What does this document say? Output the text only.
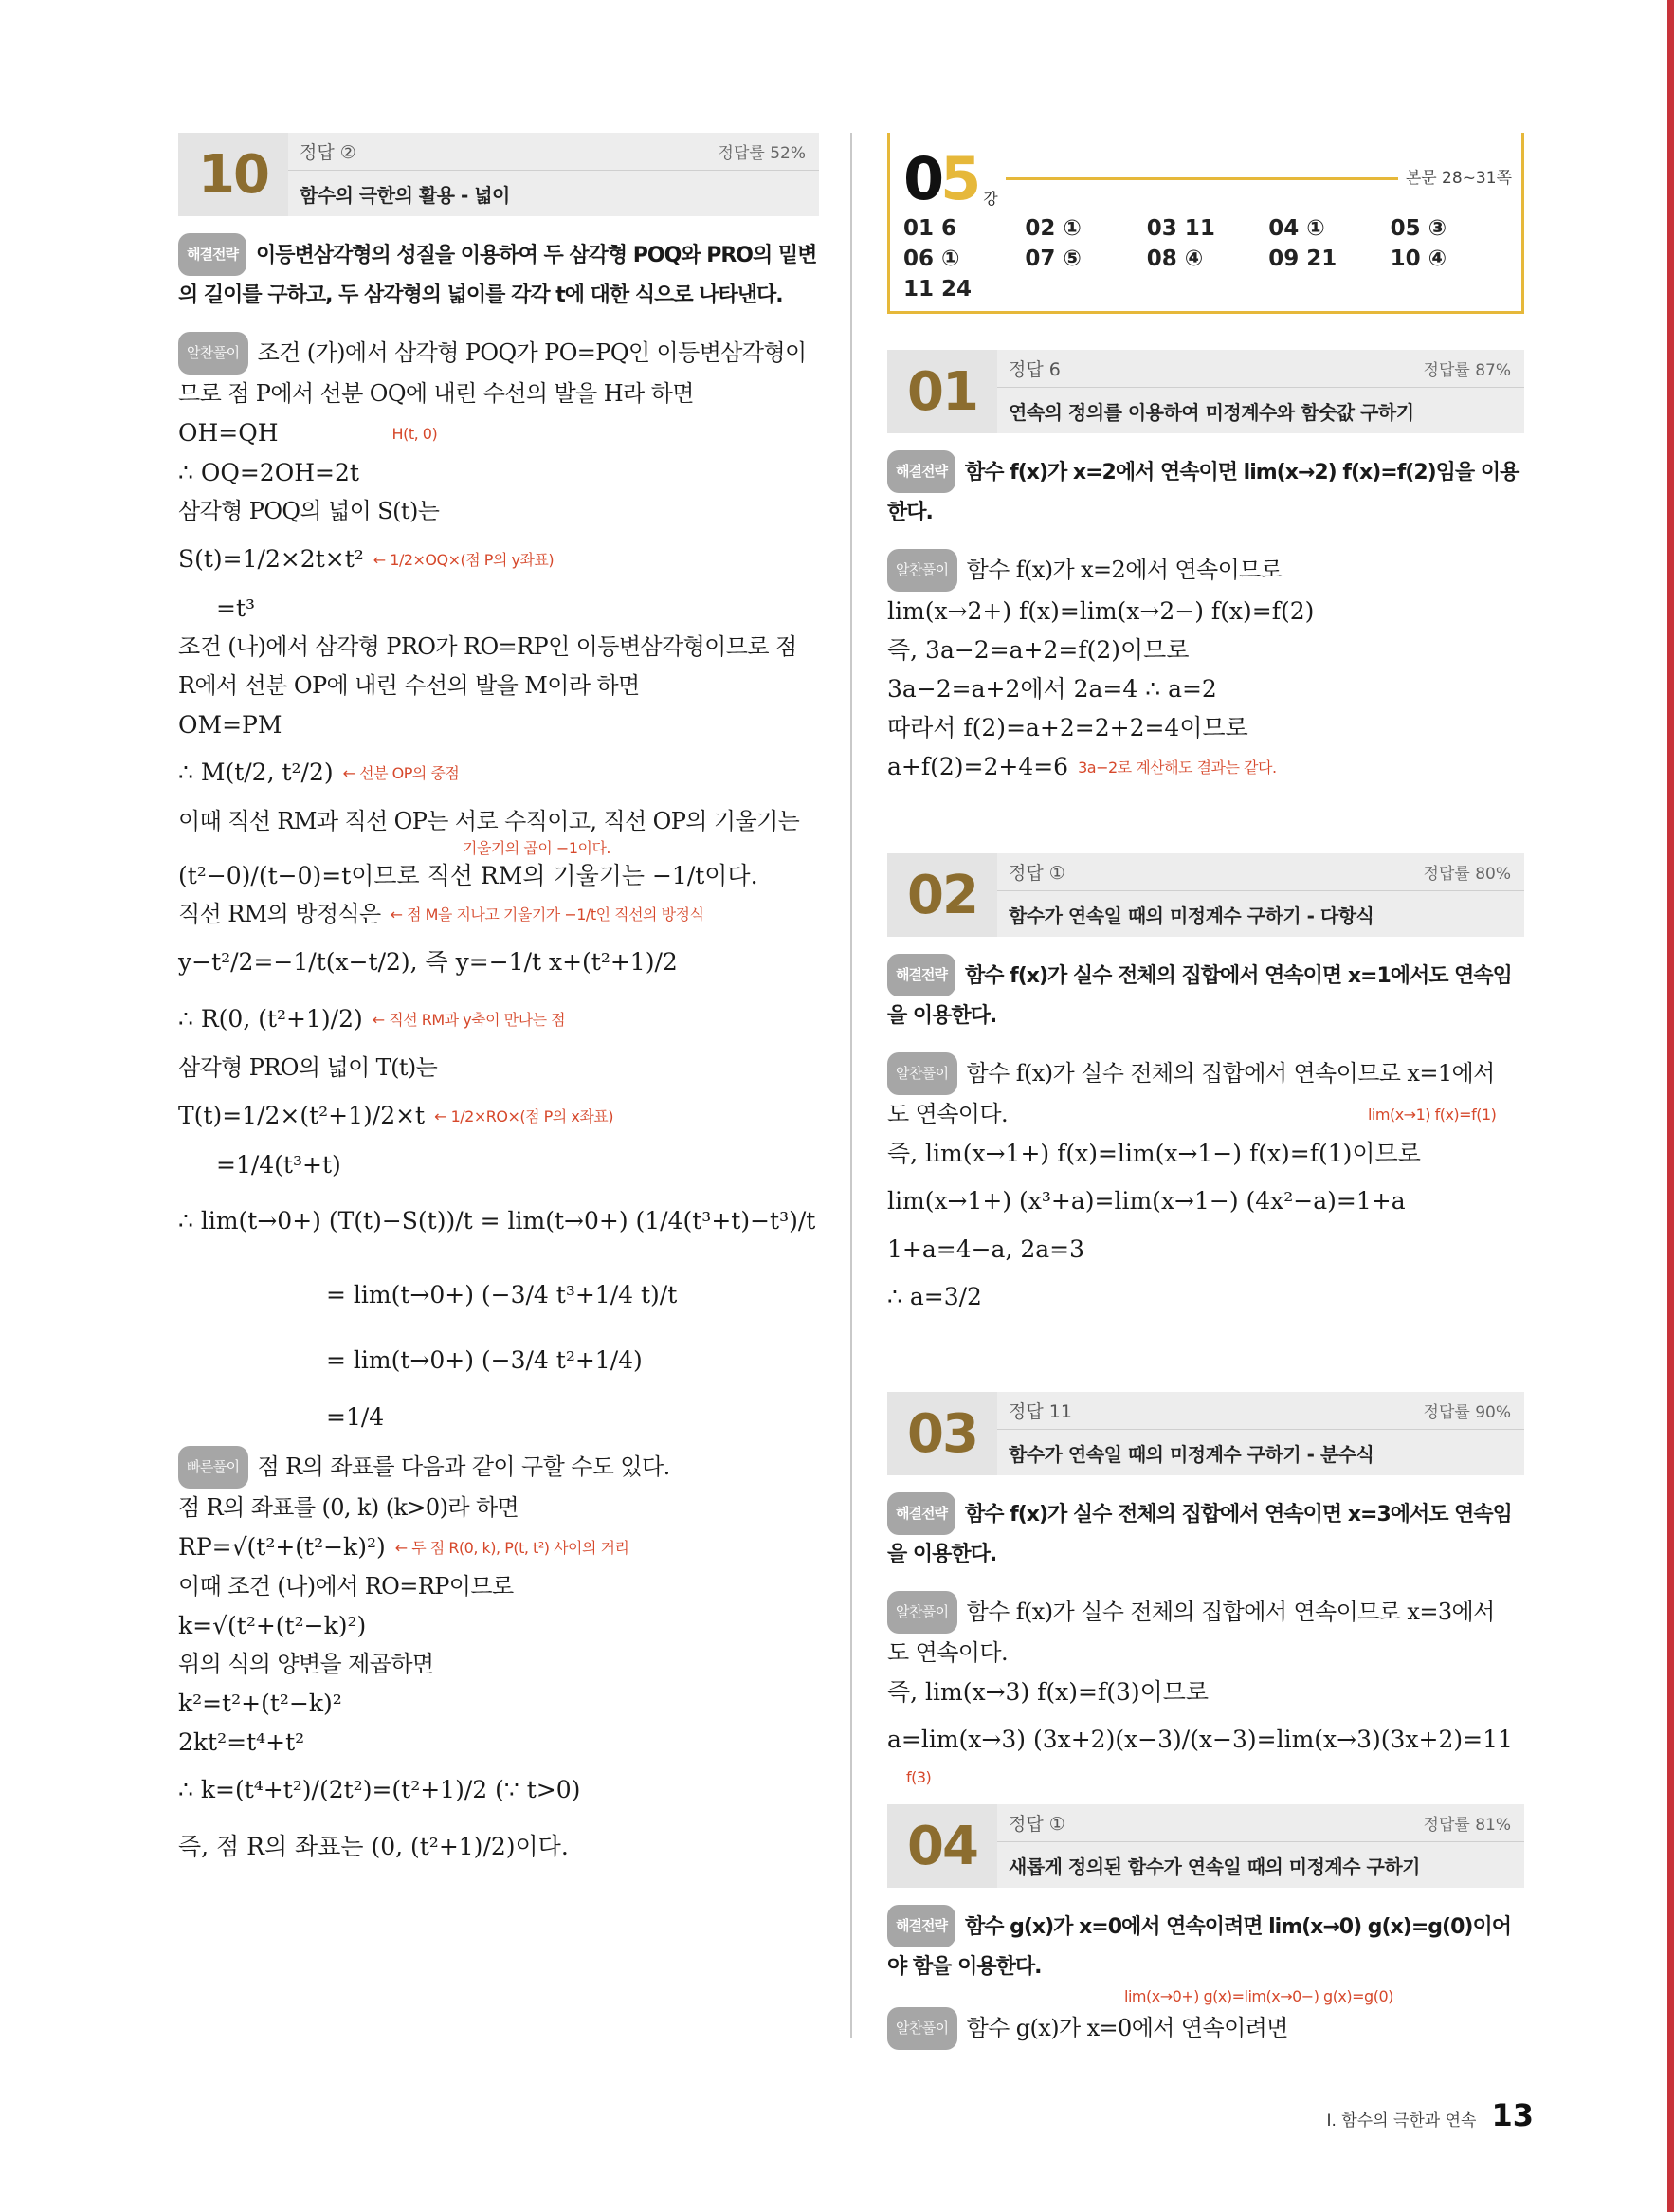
10	정답 ②	정답률 52%
함수의 극한의 활용 - 넓이
해결전략 이등변삼각형의 성질을 이용하여 두 삼각형 POQ와 PRO의 밑변의 길이를 구하고, 두 삼각형의 넓이를 각각 t에 대한 식으로 나타낸다.
알찬풀이 조건 (가)에서 삼각형 POQ가 PO=PQ인 이등변삼각형이
므로 점 P에서 선분 OQ에 내린 수선의 발을 H라 하면
OH=QH	H(t, 0)
∴ OQ=2OH=2t
삼각형 POQ의 넓이 S(t)는
S(t)=1/2×2t×t² ← 1/2×OQ×(점 P의 y좌표)
=t³
조건 (나)에서 삼각형 PRO가 RO=RP인 이등변삼각형이므로 점
R에서 선분 OP에 내린 수선의 발을 M이라 하면
OM=PM
∴ M(t/2, t²/2) ← 선분 OP의 중점
이때 직선 RM과 직선 OP는 서로 수직이고, 직선 OP의 기울기는
기울기의 곱이 −1이다.
(t²−0)/(t−0)=t이므로 직선 RM의 기울기는 −1/t이다.
직선 RM의 방정식은 ← 점 M을 지나고 기울기가 −1/t인 직선의 방정식
y−t²/2=−1/t(x−t/2), 즉 y=−1/t x+(t²+1)/2
∴ R(0, (t²+1)/2) ← 직선 RM과 y축이 만나는 점
삼각형 PRO의 넓이 T(t)는
T(t)=1/2×(t²+1)/2×t ← 1/2×RO×(점 P의 x좌표)
=1/4(t³+t)
∴ lim(t→0+) (T(t)−S(t))/t = lim(t→0+) (1/4(t³+t)−t³)/t
= lim(t→0+) (−3/4 t³+1/4 t)/t
= lim(t→0+) (−3/4 t²+1/4)
=1/4
빠른풀이 점 R의 좌표를 다음과 같이 구할 수도 있다.
점 R의 좌표를 (0, k) (k>0)라 하면
RP=√(t²+(t²−k)²) ← 두 점 R(0, k), P(t, t²) 사이의 거리
이때 조건 (나)에서 RO=RP이므로
k=√(t²+(t²−k)²)
위의 식의 양변을 제곱하면
k²=t²+(t²−k)²
2kt²=t⁴+t²
∴ k=(t⁴+t²)/(2t²)=(t²+1)/2 (∵ t>0)
즉, 점 R의 좌표는 (0, (t²+1)/2)이다.
0
5 강
본문 28~31쪽
01 6	02 ①	03 11	04 ①	05 ③
06 ①	07 ⑤	08 ④	09 21	10 ④
11 24
01	정답 6	정답률 87%
연속의 정의를 이용하여 미정계수와 함숫값 구하기
해결전략 함수 f(x)가 x=2에서 연속이면 lim(x→2) f(x)=f(2)임을 이용한다.
알찬풀이 함수 f(x)가 x=2에서 연속이므로
lim(x→2+) f(x)=lim(x→2−) f(x)=f(2)
즉, 3a−2=a+2=f(2)이므로
3a−2=a+2에서 2a=4 ∴ a=2
따라서 f(2)=a+2=2+2=4이므로
a+f(2)=2+4=6 3a−2로 계산해도 결과는 같다.
02	정답 ①	정답률 80%
함수가 연속일 때의 미정계수 구하기 - 다항식
해결전략 함수 f(x)가 실수 전체의 집합에서 연속이면 x=1에서도 연속임을 이용한다.
알찬풀이 함수 f(x)가 실수 전체의 집합에서 연속이므로 x=1에서
도 연속이다.	lim(x→1) f(x)=f(1)
즉, lim(x→1+) f(x)=lim(x→1−) f(x)=f(1)이므로
lim(x→1+) (x³+a)=lim(x→1−) (4x²−a)=1+a
1+a=4−a, 2a=3
∴ a=3/2
03	정답 11	정답률 90%
함수가 연속일 때의 미정계수 구하기 - 분수식
해결전략 함수 f(x)가 실수 전체의 집합에서 연속이면 x=3에서도 연속임을 이용한다.
알찬풀이 함수 f(x)가 실수 전체의 집합에서 연속이므로 x=3에서
도 연속이다.
즉, lim(x→3) f(x)=f(3)이므로
a=lim(x→3) (3x+2)(x−3)/(x−3)=lim(x→3)(3x+2)=11
f(3)
04	정답 ①	정답률 81%
새롭게 정의된 함수가 연속일 때의 미정계수 구하기
해결전략 함수 g(x)가 x=0에서 연속이려면 lim(x→0) g(x)=g(0)이어야 함을 이용한다.
lim(x→0+) g(x)=lim(x→0−) g(x)=g(0)
알찬풀이 함수 g(x)가 x=0에서 연속이려면
Ⅰ. 함수의 극한과 연속 13
